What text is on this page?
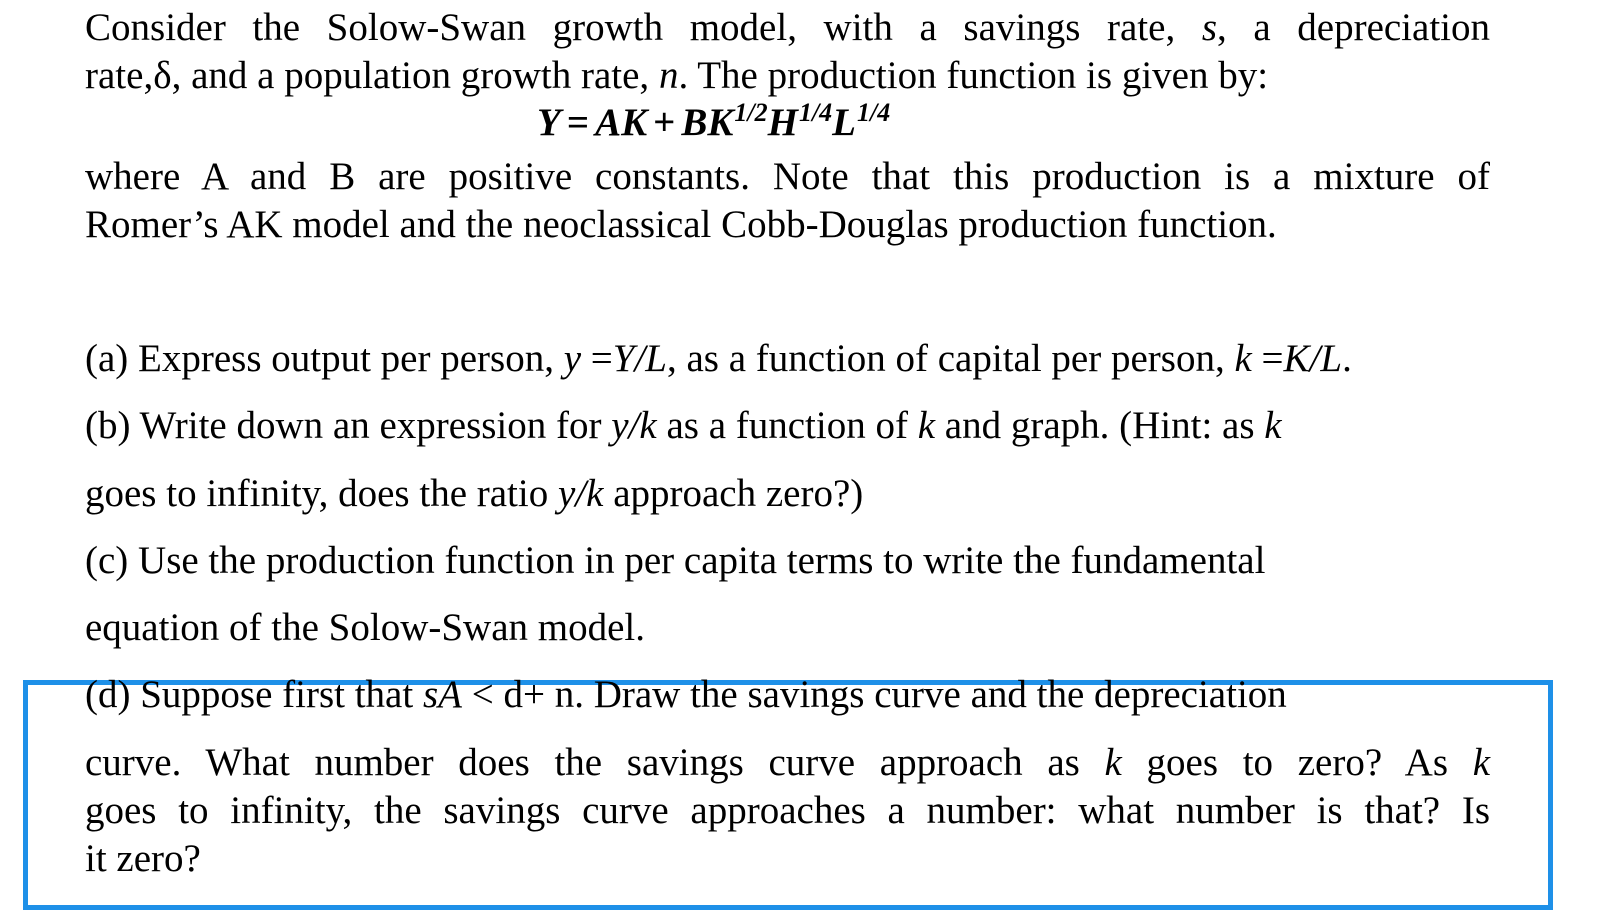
Consider the Solow-Swan growth model, with a savings rate, s, a depreciation
rate,δ, and a population growth rate, n. The production function is given by:
Y = AK + $BK^{1/2}H^{1/4}L^{1/4}$
where A and B are positive constants. Note that this production is a mixture of
Romer’s AK model and the neoclassical Cobb-Douglas production function.
(a) Express output per person, y =Y/L, as a function of capital per person, k =K/L.
(b) Write down an expression for y/k as a function of k and graph. (Hint: as k
goes to infinity, does the ratio y/k approach zero?)
(c) Use the production function in per capita terms to write the fundamental
equation of the Solow-Swan model.
(d) Suppose first that sA < d+ n. Draw the savings curve and the depreciation
curve. What number does the savings curve approach as k goes to zero? As k
goes to infinity, the savings curve approaches a number: what number is that? Is
it zero?
